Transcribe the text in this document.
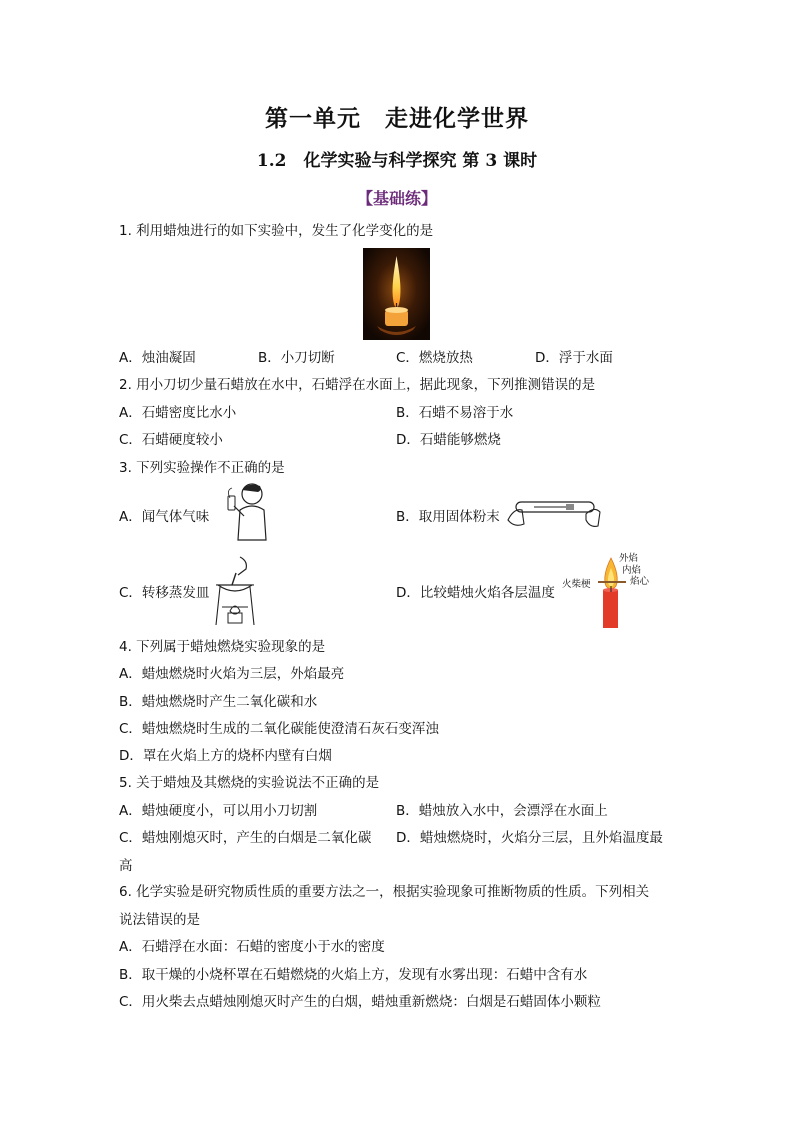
第一单元　走进化学世界
1.2　化学实验与科学探究 第 3 课时
【基础练】
1. 利用蜡烛进行的如下实验中，发生了化学变化的是
A．烛油凝固	B．小刀切断	C．燃烧放热	D．浮于水面
2. 用小刀切少量石蜡放在水中，石蜡浮在水面上，据此现象，下列推测错误的是
A．石蜡密度比水小	B．石蜡不易溶于水
C．石蜡硬度较小	D．石蜡能够燃烧
3. 下列实验操作不正确的是
A．闻气体气味	B．取用固体粉末
C．转移蒸发皿	D．比较蜡烛火焰各层温度
外焰
内焰
焰心
火柴梗
4. 下列属于蜡烛燃烧实验现象的是
A．蜡烛燃烧时火焰为三层，外焰最亮
B．蜡烛燃烧时产生二氧化碳和水
C．蜡烛燃烧时生成的二氧化碳能使澄清石灰石变浑浊
D．罩在火焰上方的烧杯内壁有白烟
5. 关于蜡烛及其燃烧的实验说法不正确的是
A．蜡烛硬度小，可以用小刀切割	B．蜡烛放入水中，会漂浮在水面上
C．蜡烛刚熄灭时，产生的白烟是二氧化碳 D．蜡烛燃烧时，火焰分三层，且外焰温度最
高
6. 化学实验是研究物质性质的重要方法之一，根据实验现象可推断物质的性质。下列相关
说法错误的是
A．石蜡浮在水面：石蜡的密度小于水的密度
B．取干燥的小烧杯罩在石蜡燃烧的火焰上方，发现有水雾出现：石蜡中含有水
C．用火柴去点蜡烛刚熄灭时产生的白烟，蜡烛重新燃烧：白烟是石蜡固体小颗粒
